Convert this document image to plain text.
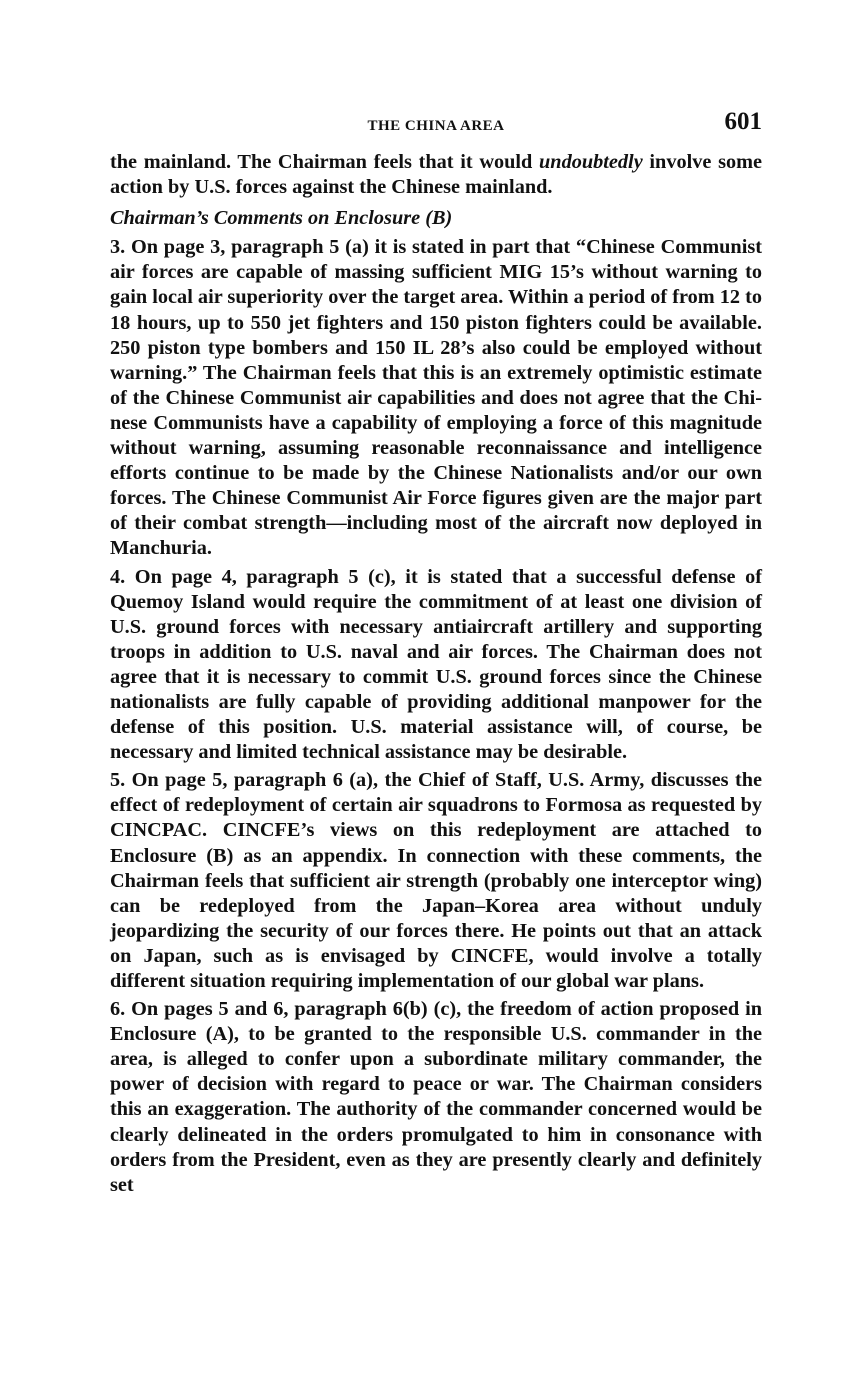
THE CHINA AREA	601

the mainland. The Chairman feels that it would undoubtedly involve some action by U.S. forces against the Chinese mainland.

Chairman’s Comments on Enclosure (B)

3. On page 3, paragraph 5 (a) it is stated in part that “Chinese Communist air forces are capable of massing sufficient MIG 15’s without warning to gain local air superiority over the target area. Within a period of from 12 to 18 hours, up to 550 jet fighters and 150 piston fighters could be available. 250 piston type bombers and 150 IL 28’s also could be employed without warning.” The Chairman feels that this is an extremely optimistic estimate of the Chinese Communist air capabilities and does not agree that the Chinese Communists have a capability of employing a force of this magnitude without warning, assuming reasonable reconnaissance and intelligence efforts continue to be made by the Chinese Nationalists and/or our own forces. The Chinese Communist Air Force figures given are the major part of their combat strength—including most of the aircraft now deployed in Manchuria.

4. On page 4, paragraph 5 (c), it is stated that a successful defense of Quemoy Island would require the commitment of at least one division of U.S. ground forces with necessary antiaircraft artillery and supporting troops in addition to U.S. naval and air forces. The Chairman does not agree that it is necessary to commit U.S. ground forces since the Chinese nationalists are fully capable of providing additional manpower for the defense of this position. U.S. material assistance will, of course, be necessary and limited technical assistance may be desirable.

5. On page 5, paragraph 6 (a), the Chief of Staff, U.S. Army, discusses the effect of redeployment of certain air squadrons to Formosa as requested by CINCPAC. CINCFE’s views on this redeployment are attached to Enclosure (B) as an appendix. In connection with these comments, the Chairman feels that sufficient air strength (probably one interceptor wing) can be redeployed from the Japan–Korea area without unduly jeopardizing the security of our forces there. He points out that an attack on Japan, such as is envisaged by CINCFE, would involve a totally different situation requiring implementation of our global war plans.

6. On pages 5 and 6, paragraph 6(b) (c), the freedom of action proposed in Enclosure (A), to be granted to the responsible U.S. commander in the area, is alleged to confer upon a subordinate military commander, the power of decision with regard to peace or war. The Chairman considers this an exaggeration. The authority of the commander concerned would be clearly delineated in the orders promulgated to him in consonance with orders from the President, even as they are presently clearly and definitely set
